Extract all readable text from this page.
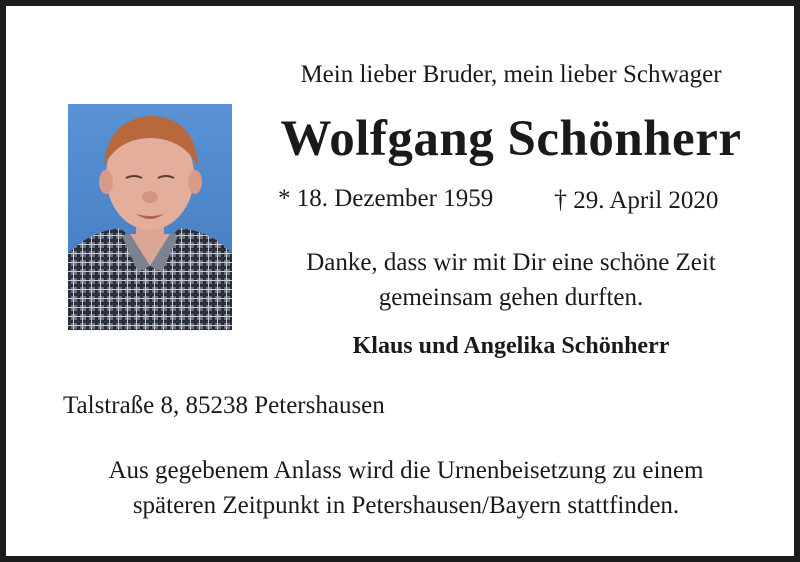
Mein lieber Bruder, mein lieber Schwager
Wolfgang Schönherr
* 18. Dezember 1959 † 29. April 2020
Danke, dass wir mit Dir eine schöne Zeit
gemeinsam gehen durften.
Klaus und Angelika Schönherr
Talstraße 8, 85238 Petershausen
Aus gegebenem Anlass wird die Urnenbeisetzung zu einem
späteren Zeitpunkt in Petershausen/Bayern stattfinden.
